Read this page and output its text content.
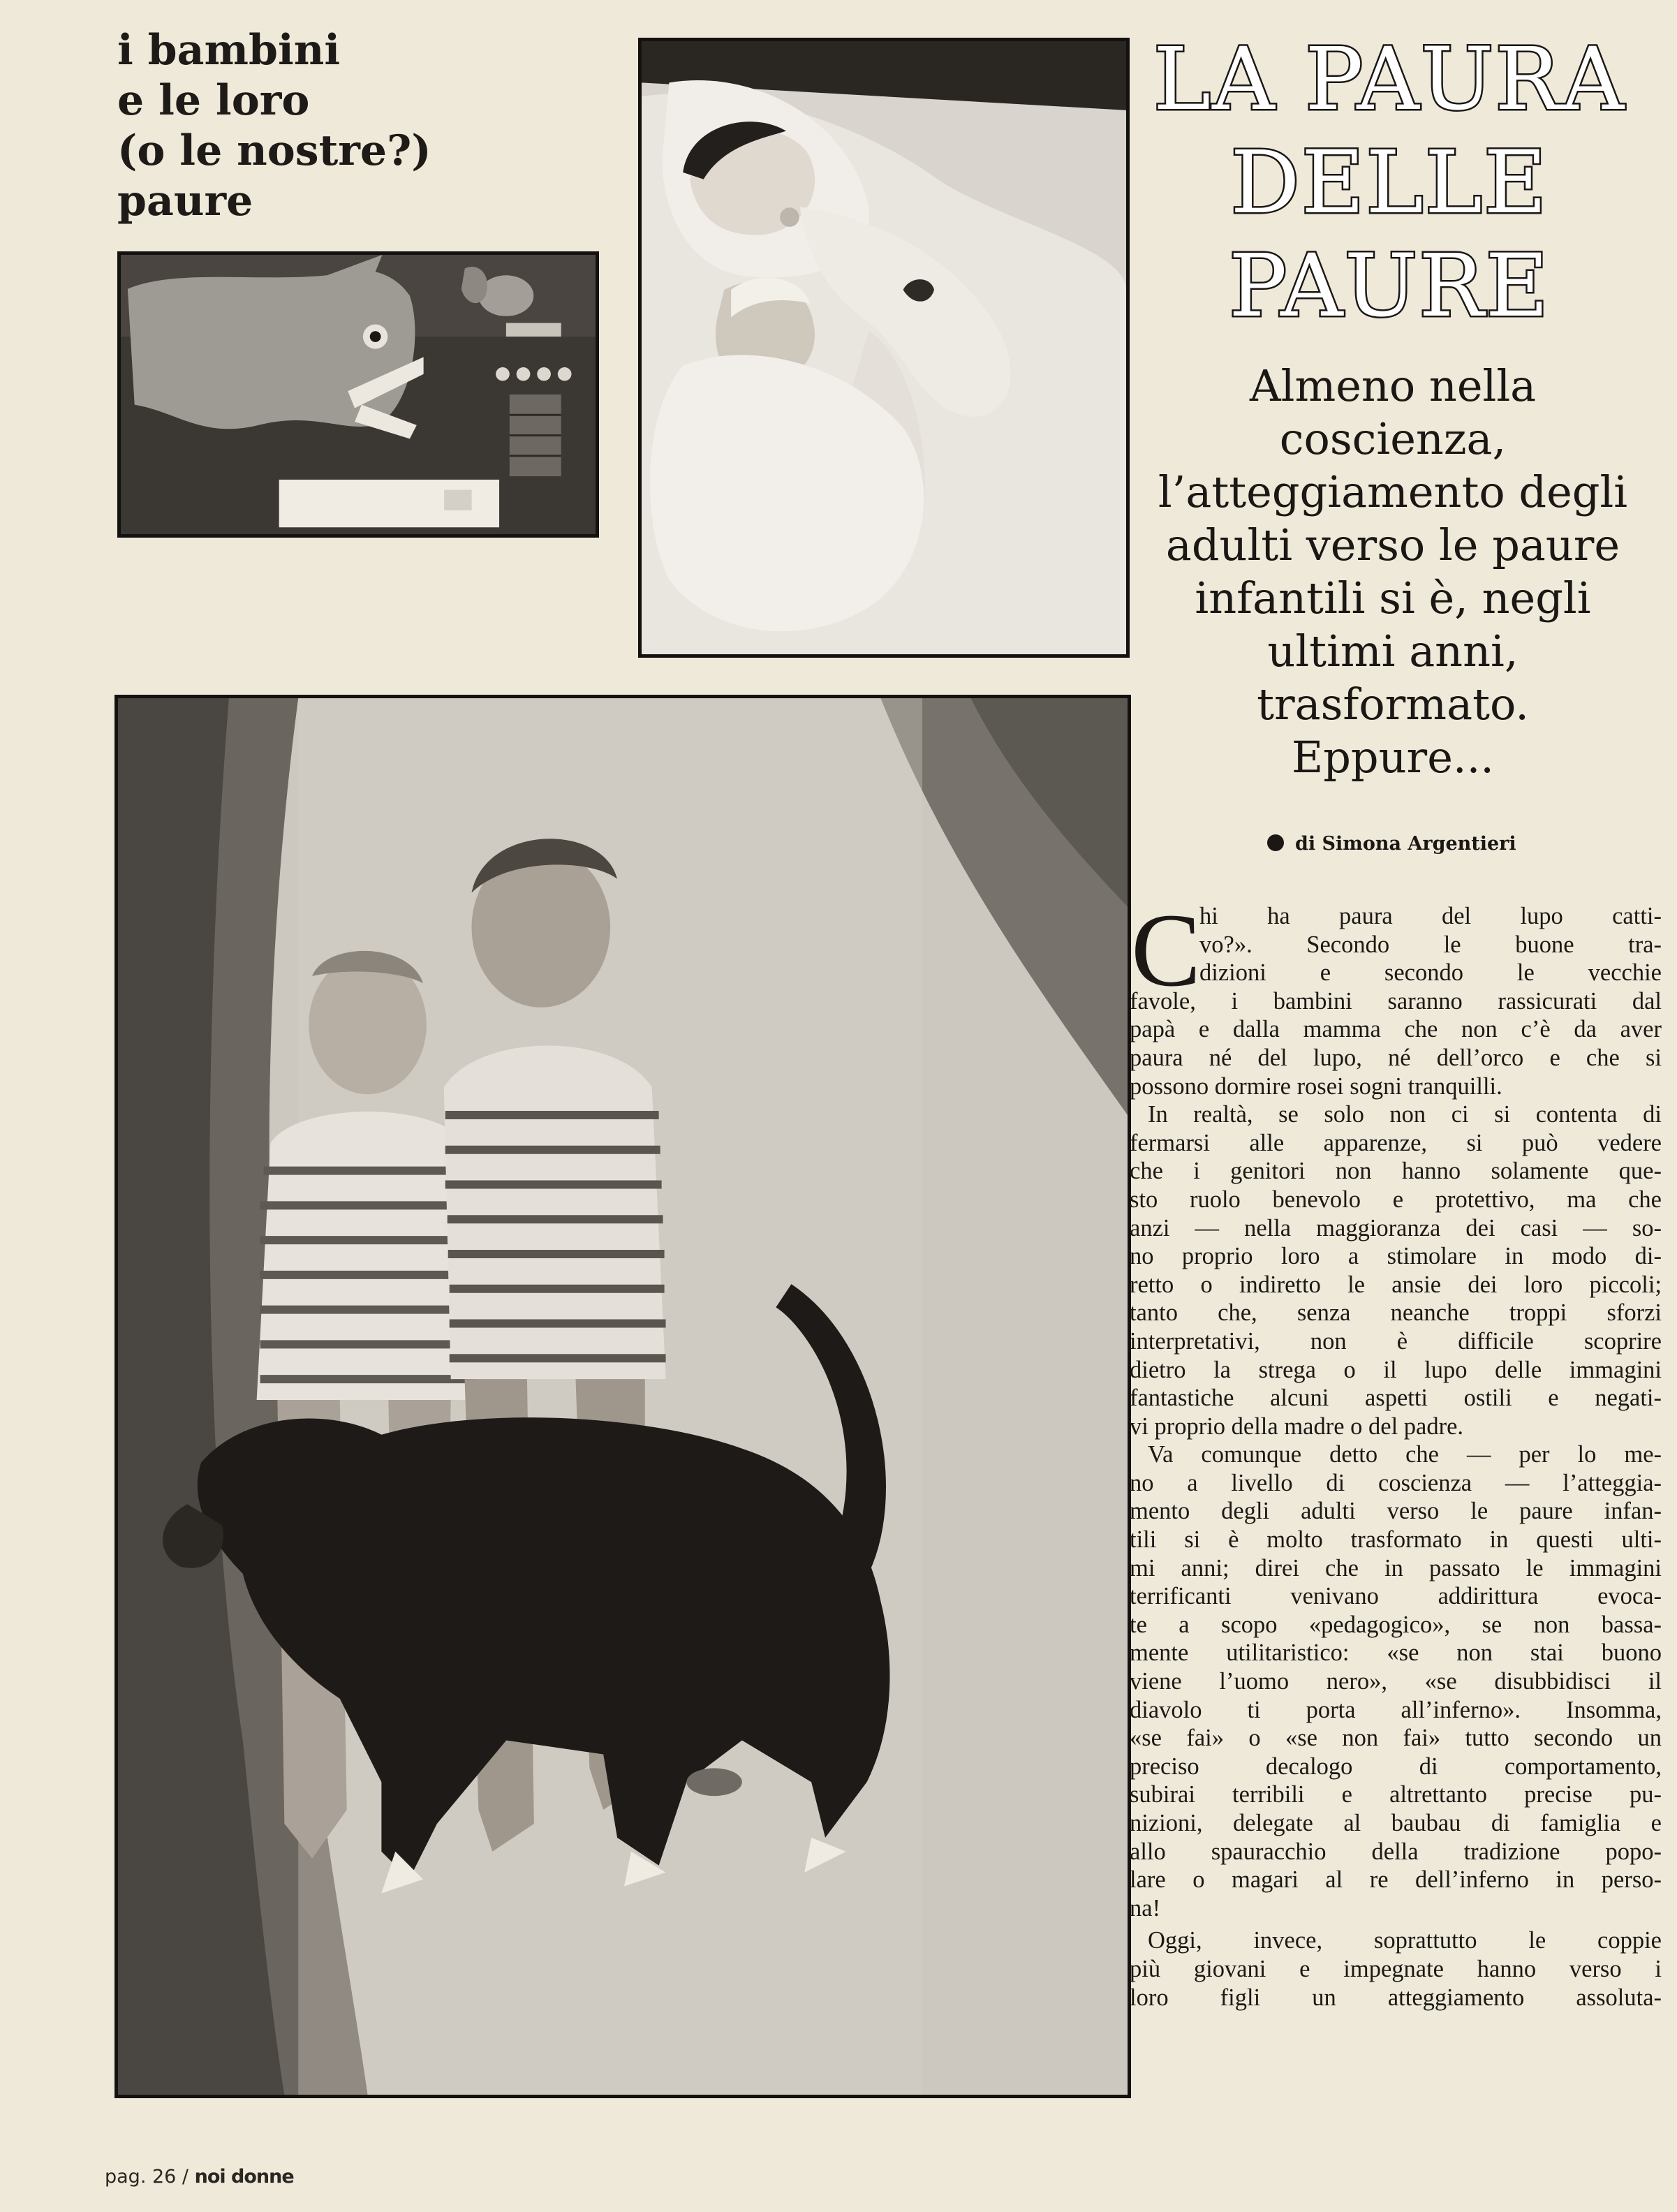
i bambini
e le loro
(o le nostre?)
paure
LA PAURA
DELLE
PAURE
Almeno nella
coscienza,
l’atteggiamento degli
adulti verso le paure
infantili si è, negli
ultimi anni,
trasformato.
Eppure...
di Simona Argentieri
C
hi ha paura del lupo catti-
vo?». Secondo le buone tra-
dizioni e secondo le vecchie
favole, i bambini saranno rassicurati dal
papà e dalla mamma che non c’è da aver
paura né del lupo, né dell’orco e che si
possono dormire rosei sogni tranquilli.
In realtà, se solo non ci si contenta di
fermarsi alle apparenze, si può vedere
che i genitori non hanno solamente que-
sto ruolo benevolo e protettivo, ma che
anzi — nella maggioranza dei casi — so-
no proprio loro a stimolare in modo di-
retto o indiretto le ansie dei loro piccoli;
tanto che, senza neanche troppi sforzi
interpretativi, non è difficile scoprire
dietro la strega o il lupo delle immagini
fantastiche alcuni aspetti ostili e negati-
vi proprio della madre o del padre.
Va comunque detto che — per lo me-
no a livello di coscienza — l’atteggia-
mento degli adulti verso le paure infan-
tili si è molto trasformato in questi ulti-
mi anni; direi che in passato le immagini
terrificanti venivano addirittura evoca-
te a scopo «pedagogico», se non bassa-
mente utilitaristico: «se non stai buono
viene l’uomo nero», «se disubbidisci il
diavolo ti porta all’inferno». Insomma,
«se fai» o «se non fai» tutto secondo un
preciso decalogo di comportamento,
subirai terribili e altrettanto precise pu-
nizioni, delegate al baubau di famiglia e
allo spauracchio della tradizione popo-
lare o magari al re dell’inferno in perso-
na!
Oggi, invece, soprattutto le coppie
più giovani e impegnate hanno verso i
loro figli un atteggiamento assoluta-
pag. 26 / noi donne
